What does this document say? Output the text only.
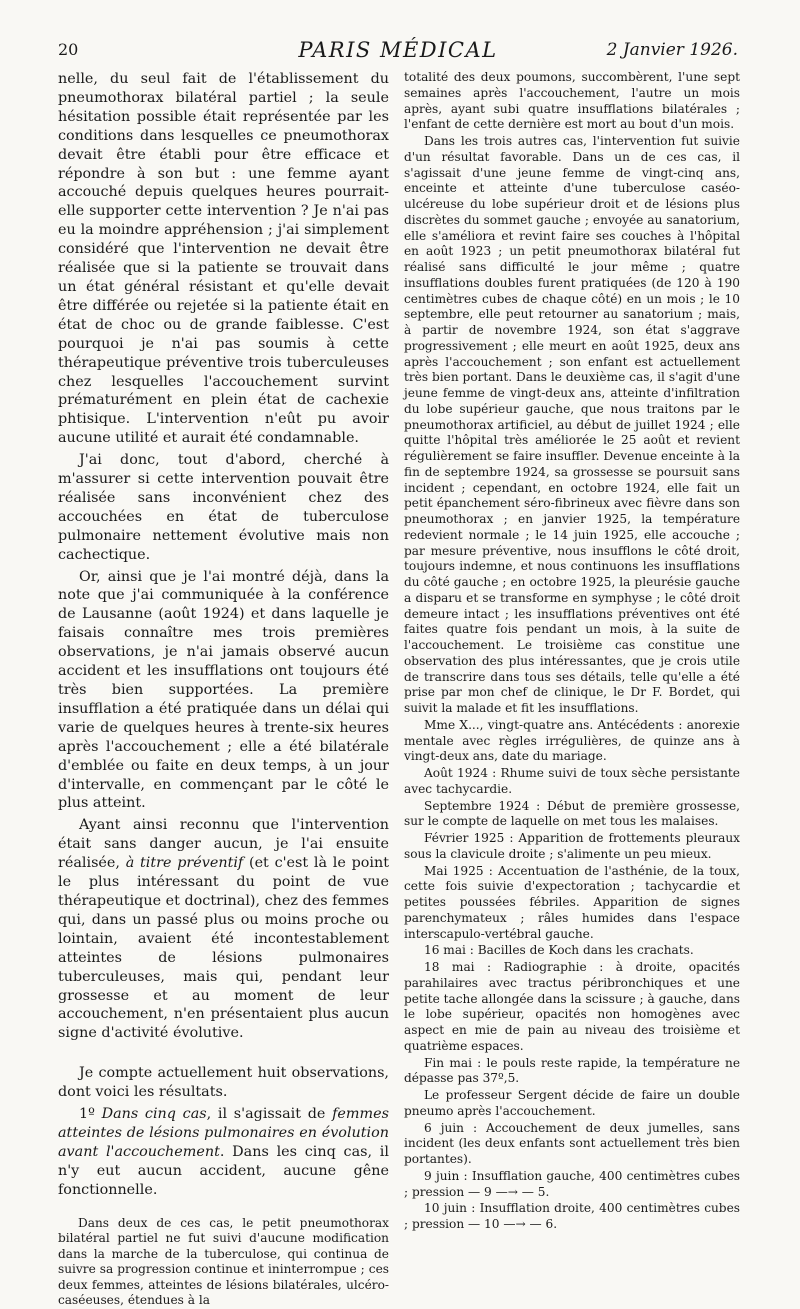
20	PARIS MÉDICAL	2 Janvier 1926.

nelle, du seul fait de l'établissement du pneumothorax bilatéral partiel ; la seule hésitation possible était représentée par les conditions dans lesquelles ce pneumothorax devait être établi pour être efficace et répondre à son but : une femme ayant accouché depuis quelques heures pourrait-elle supporter cette intervention ? Je n'ai pas eu la moindre appréhension ; j'ai simplement considéré que l'intervention ne devait être réalisée que si la patiente se trouvait dans un état général résistant et qu'elle devait être différée ou rejetée si la patiente était en état de choc ou de grande faiblesse. C'est pourquoi je n'ai pas soumis à cette thérapeutique préventive trois tuberculeuses chez lesquelles l'accouchement survint prématurément en plein état de cachexie phtisique. L'intervention n'eût pu avoir aucune utilité et aurait été condamnable.

J'ai donc, tout d'abord, cherché à m'assurer si cette intervention pouvait être réalisée sans inconvénient chez des accouchées en état de tuberculose pulmonaire nettement évolutive mais non cachectique.

Or, ainsi que je l'ai montré déjà, dans la note que j'ai communiquée à la conférence de Lausanne (août 1924) et dans laquelle je faisais connaître mes trois premières observations, je n'ai jamais observé aucun accident et les insufflations ont toujours été très bien supportées. La première insufflation a été pratiquée dans un délai qui varie de quelques heures à trente-six heures après l'accouchement ; elle a été bilatérale d'emblée ou faite en deux temps, à un jour d'intervalle, en commençant par le côté le plus atteint.

Ayant ainsi reconnu que l'intervention était sans danger aucun, je l'ai ensuite réalisée, à titre préventif (et c'est là le point le plus intéressant du point de vue thérapeutique et doctrinal), chez des femmes qui, dans un passé plus ou moins proche ou lointain, avaient été incontestablement atteintes de lésions pulmonaires tuberculeuses, mais qui, pendant leur grossesse et au moment de leur accouchement, n'en présentaient plus aucun signe d'activité évolutive.

Je compte actuellement huit observations, dont voici les résultats.

1º Dans cinq cas, il s'agissait de femmes atteintes de lésions pulmonaires en évolution avant l'accouchement. Dans les cinq cas, il n'y eut aucun accident, aucune gêne fonctionnelle.

Dans deux de ces cas, le petit pneumothorax bilatéral partiel ne fut suivi d'aucune modification dans la marche de la tuberculose, qui continua de suivre sa progression continue et ininterrompue ; ces deux femmes, atteintes de lésions bilatérales, ulcéro-caséeuses, étendues à la

totalité des deux poumons, succombèrent, l'une sept semaines après l'accouchement, l'autre un mois après, ayant subi quatre insufflations bilatérales ; l'enfant de cette dernière est mort au bout d'un mois.

Dans les trois autres cas, l'intervention fut suivie d'un résultat favorable. Dans un de ces cas, il s'agissait d'une jeune femme de vingt-cinq ans, enceinte et atteinte d'une tuberculose caséo-ulcéreuse du lobe supérieur droit et de lésions plus discrètes du sommet gauche ; envoyée au sanatorium, elle s'améliora et revint faire ses couches à l'hôpital en août 1923 ; un petit pneumothorax bilatéral fut réalisé sans difficulté le jour même ; quatre insufflations doubles furent pratiquées (de 120 à 190 centimètres cubes de chaque côté) en un mois ; le 10 septembre, elle peut retourner au sanatorium ; mais, à partir de novembre 1924, son état s'aggrave progressivement ; elle meurt en août 1925, deux ans après l'accouchement ; son enfant est actuellement très bien portant. Dans le deuxième cas, il s'agit d'une jeune femme de vingt-deux ans, atteinte d'infiltration du lobe supérieur gauche, que nous traitons par le pneumothorax artificiel, au début de juillet 1924 ; elle quitte l'hôpital très améliorée le 25 août et revient régulièrement se faire insuffler. Devenue enceinte à la fin de septembre 1924, sa grossesse se poursuit sans incident ; cependant, en octobre 1924, elle fait un petit épanchement séro-fibrineux avec fièvre dans son pneumothorax ; en janvier 1925, la température redevient normale ; le 14 juin 1925, elle accouche ; par mesure préventive, nous insufflons le côté droit, toujours indemne, et nous continuons les insufflations du côté gauche ; en octobre 1925, la pleurésie gauche a disparu et se transforme en symphyse ; le côté droit demeure intact ; les insufflations préventives ont été faites quatre fois pendant un mois, à la suite de l'accouchement. Le troisième cas constitue une observation des plus intéressantes, que je crois utile de transcrire dans tous ses détails, telle qu'elle a été prise par mon chef de clinique, le Dr F. Bordet, qui suivit la malade et fit les insufflations.

Mme X..., vingt-quatre ans. Antécédents : anorexie mentale avec règles irrégulières, de quinze ans à vingt-deux ans, date du mariage.

Août 1924 : Rhume suivi de toux sèche persistante avec tachycardie.

Septembre 1924 : Début de première grossesse, sur le compte de laquelle on met tous les malaises.

Février 1925 : Apparition de frottements pleuraux sous la clavicule droite ; s'alimente un peu mieux.

Mai 1925 : Accentuation de l'asthénie, de la toux, cette fois suivie d'expectoration ; tachycardie et petites poussées fébriles. Apparition de signes parenchymateux ; râles humides dans l'espace interscapulo-vertébral gauche.

16 mai : Bacilles de Koch dans les crachats.

18 mai : Radiographie : à droite, opacités parahilaires avec tractus péribronchiques et une petite tache allongée dans la scissure ; à gauche, dans le lobe supérieur, opacités non homogènes avec aspect en mie de pain au niveau des troisième et quatrième espaces.

Fin mai : le pouls reste rapide, la température ne dépasse pas 37º,5.

Le professeur Sergent décide de faire un double pneumo après l'accouchement.

6 juin : Accouchement de deux jumelles, sans incident (les deux enfants sont actuellement très bien portantes).

9 juin : Insufflation gauche, 400 centimètres cubes ; pression — 9 —→ — 5.

10 juin : Insufflation droite, 400 centimètres cubes ; pression — 10 —→ — 6.
